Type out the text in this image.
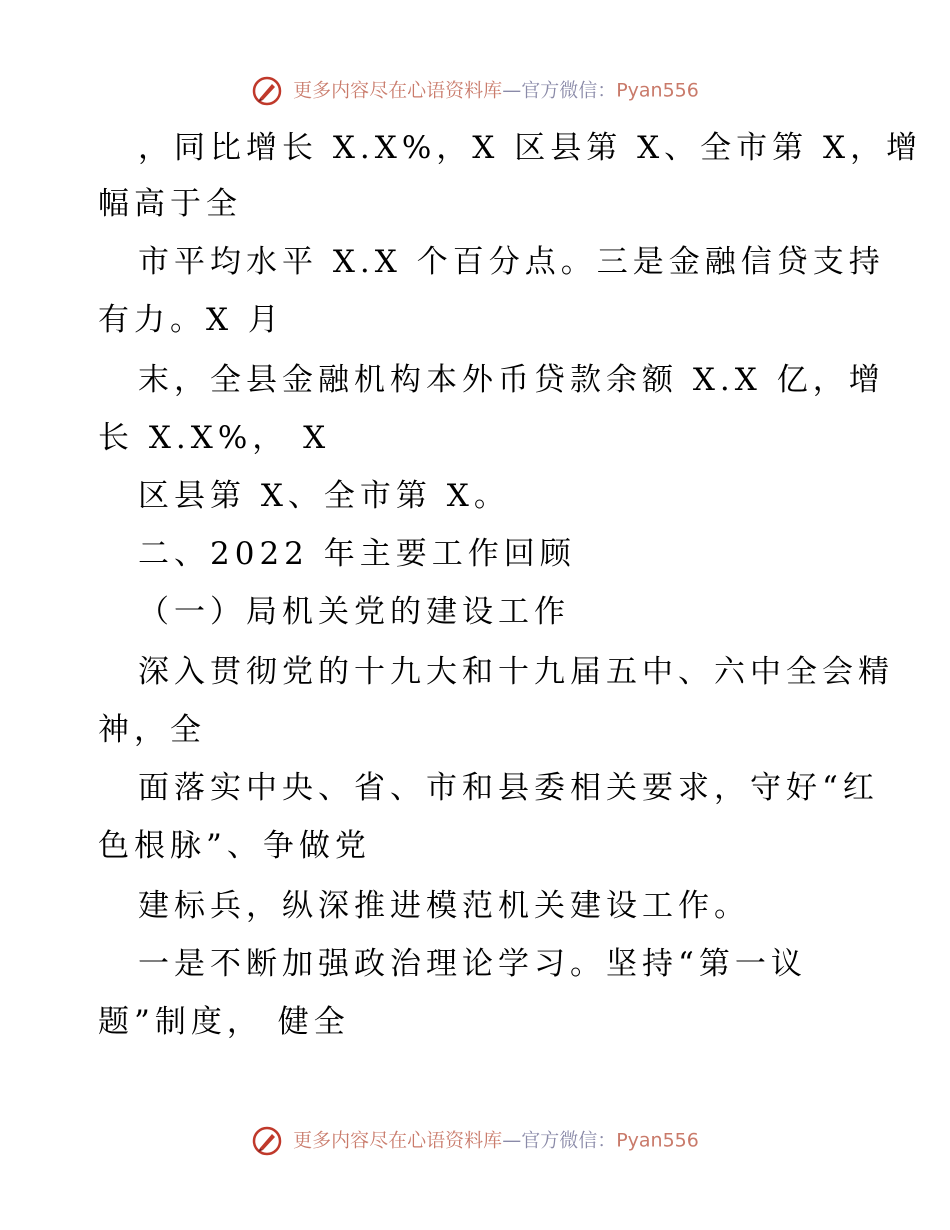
更多内容尽在心语资料库—官方微信：Pyan556
，同比增长 X.X%，X 区县第 X、全市第 X，增
幅高于全
市平均水平 X.X 个百分点。三是金融信贷支持
有力。X 月
末，全县金融机构本外币贷款余额 X.X 亿，增
长 X.X%， X
区县第 X、全市第 X。
二、2022 年主要工作回顾
（一）局机关党的建设工作
深入贯彻党的十九大和十九届五中、六中全会精
神，全
面落实中央、省、市和县委相关要求，守好“红
色根脉”、争做党
建标兵，纵深推进模范机关建设工作。
一是不断加强政治理论学习。坚持“第一议
题”制度， 健全
更多内容尽在心语资料库—官方微信：Pyan556
